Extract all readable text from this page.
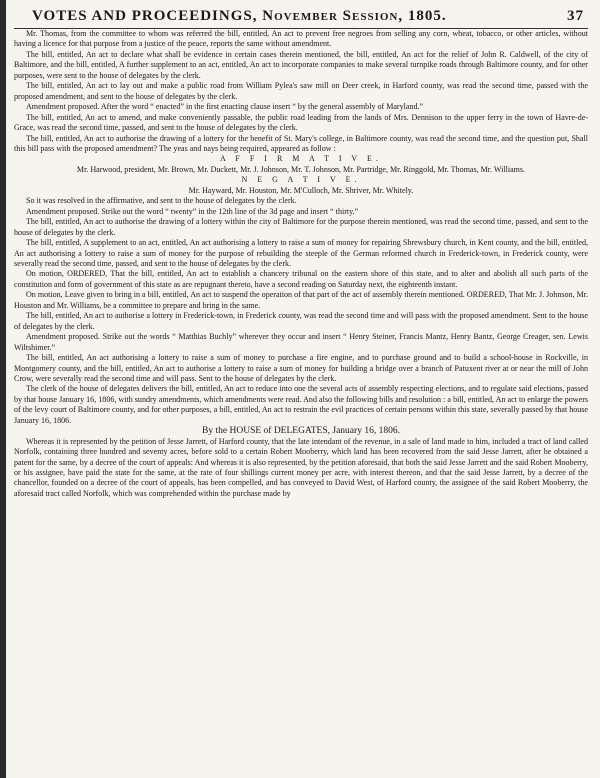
VOTES AND PROCEEDINGS, November Session, 1805.	37

Mr. Thomas, from the committee to whom was referred the bill, entitled, An act to prevent free negroes from selling any corn, wheat, tobacco, or other articles, without having a licence for that purpose from a justice of the peace, reports the same without amendment.

The bill, entitled, An act to declare what shall be evidence in certain cases therein mentioned, the bill, entitled, An act for the relief of John R. Caldwell, of the city of Baltimore, and the bill, entitled, A further supplement to an act, entitled, An act to incorporate companies to make several turnpike roads through Baltimore county, and for other purposes, were sent to the house of delegates by the clerk.

The bill, entitled, An act to lay out and make a public road from William Pylea's saw mill on Deer creek, in Harford county, was read the second time, passed with the proposed amendment, and sent to the house of delegates by the clerk.

Amendment proposed. After the word “ enacted” in the first enacting clause insert “ by the general assembly of Maryland.”

The bill, entitled, An act to amend, and make conveniently passable, the public road leading from the lands of Mrs. Dennison to the upper ferry in the town of Havre-de-Grace, was read the second time, passed, and sent to the house of delegates by the clerk.

The bill, entitled, An act to authorise the drawing of a lottery for the benefit of St. Mary's college, in Baltimore county, was read the second time, and the question put, Shall this bill pass with the proposed amendment? The yeas and nays being required, appeared as follow :

A F F I R M A T I V E.

Mr. Harwood, president, Mr. Brown, Mr. Duckett, Mr. J. Johnson, Mr. T. Johnson, Mr. Partridge, Mr. Ringgold, Mr. Thomas, Mr. Williams.

N E G A T I V E.

Mr. Hayward, Mr. Houston, Mr. M'Culloch, Mr. Shriver, Mr. Whitely.

So it was resolved in the affirmative, and sent to the house of delegates by the clerk.

Amendment proposed. Strike out the word “ twenty” in the 12th line of the 3d page and insert “ thirty.”

The bill, entitled, An act to authorise the drawing of a lottery within the city of Baltimore for the purpose therein mentioned, was read the second time, passed, and sent to the house of delegates by the clerk.

The bill, entitled, A supplement to an act, entitled, An act authorising a lottery to raise a sum of money for repairing Shrewsbury church, in Kent county, and the bill, entitled, An act authorising a lottery to raise a sum of money for the purpose of rebuilding the steeple of the German reformed church in Frederick-town, in Frederick county, were severally read the second time, passed, and sent to the house of delegates by the clerk.

On motion, ORDERED, That the bill, entitled, An act to establish a chancery tribunal on the eastern shore of this state, and to alter and abolish all such parts of the constitution and form of government of this state as are repugnant thereto, have a second reading on Saturday next, the eighteenth instant.

On motion, Leave given to bring in a bill, entitled, An act to suspend the operation of that part of the act of assembly therein mentioned. ORDERED, That Mr. J. Johnson, Mr. Houston and Mr. Williams, be a committee to prepare and bring in the same.

The bill, entitled, An act to authorise a lottery in Frederick-town, in Frederick county, was read the second time and will pass with the proposed amendment. Sent to the house of delegates by the clerk.

Amendment proposed. Strike out the words “ Matthias Buchly” wherever they occur and insert “ Henry Steiner, Francis Mantz, Henry Bantz, George Creager, sen. Lewis Wiltshimer.”

The bill, entitled, An act authorising a lottery to raise a sum of money to purchase a fire engine, and to purchase ground and to build a school-house in Rockville, in Montgomery county, and the bill, entitled, An act to authorise a lottery to raise a sum of money for building a bridge over a branch of Patuxent river at or near the mill of John Crow, were severally read the second time and will pass. Sent to the house of delegates by the clerk.

The clerk of the house of delegates delivers the bill, entitled, An act to reduce into one the several acts of assembly respecting elections, and to regulate said elections, passed by that house January 16, 1806, with sundry amendments, which amendments were read. And also the following bills and resolution : a bill, entitled, An act to enlarge the powers of the levy court of Baltimore county, and for other purposes, a bill, entitled, An act to restrain the evil practices of certain persons within this state, severally passed by that house January 16, 1806.

By the HOUSE of DELEGATES, January 16, 1806.

Whereas it is represented by the petition of Jesse Jarrett, of Harford county, that the late intendant of the revenue, in a sale of land made to him, included a tract of land called Norfolk, containing three hundred and seventy acres, before sold to a certain Robert Mooberry, which land has been recovered from the said Jesse Jarrett, after he obtained a patent for the same, by a decree of the court of appeals: And whereas it is also represented, by the petition aforesaid, that both the said Jesse Jarrett and the said Robert Mooberry, or his assignee, have paid the state for the same, at the rate of four shillings current money per acre, with interest thereon, and that the said Jesse Jarrett, by a decree of the chancellor, founded on a decree of the court of appeals, has been compelled, and has conveyed to David West, of Harford county, the assignee of the said Robert Mooberry, the aforesaid tract called Norfolk, which was comprehended within the purchase made by
